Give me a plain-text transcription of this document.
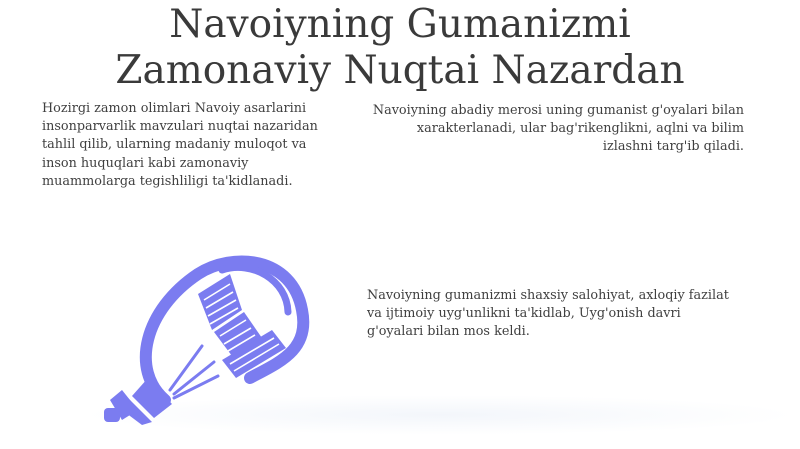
Navoiyning Gumanizmi
Zamonaviy Nuqtai Nazardan

Hozirgi zamon olimlari Navoiy asarlarini insonparvarlik mavzulari nuqtai nazaridan tahlil qilib, ularning madaniy muloqot va inson huquqlari kabi zamonaviy muammolarga tegishliligi ta'kidlanadi.

Navoiyning abadiy merosi uning gumanist g'oyalari bilan xarakterlanadi, ular bag'rikenglikni, aqlni va bilim izlashni targ'ib qiladi.

Navoiyning gumanizmi shaxsiy salohiyat, axloqiy fazilat va ijtimoiy uyg'unlikni ta'kidlab, Uyg'onish davri g'oyalari bilan mos keldi.
